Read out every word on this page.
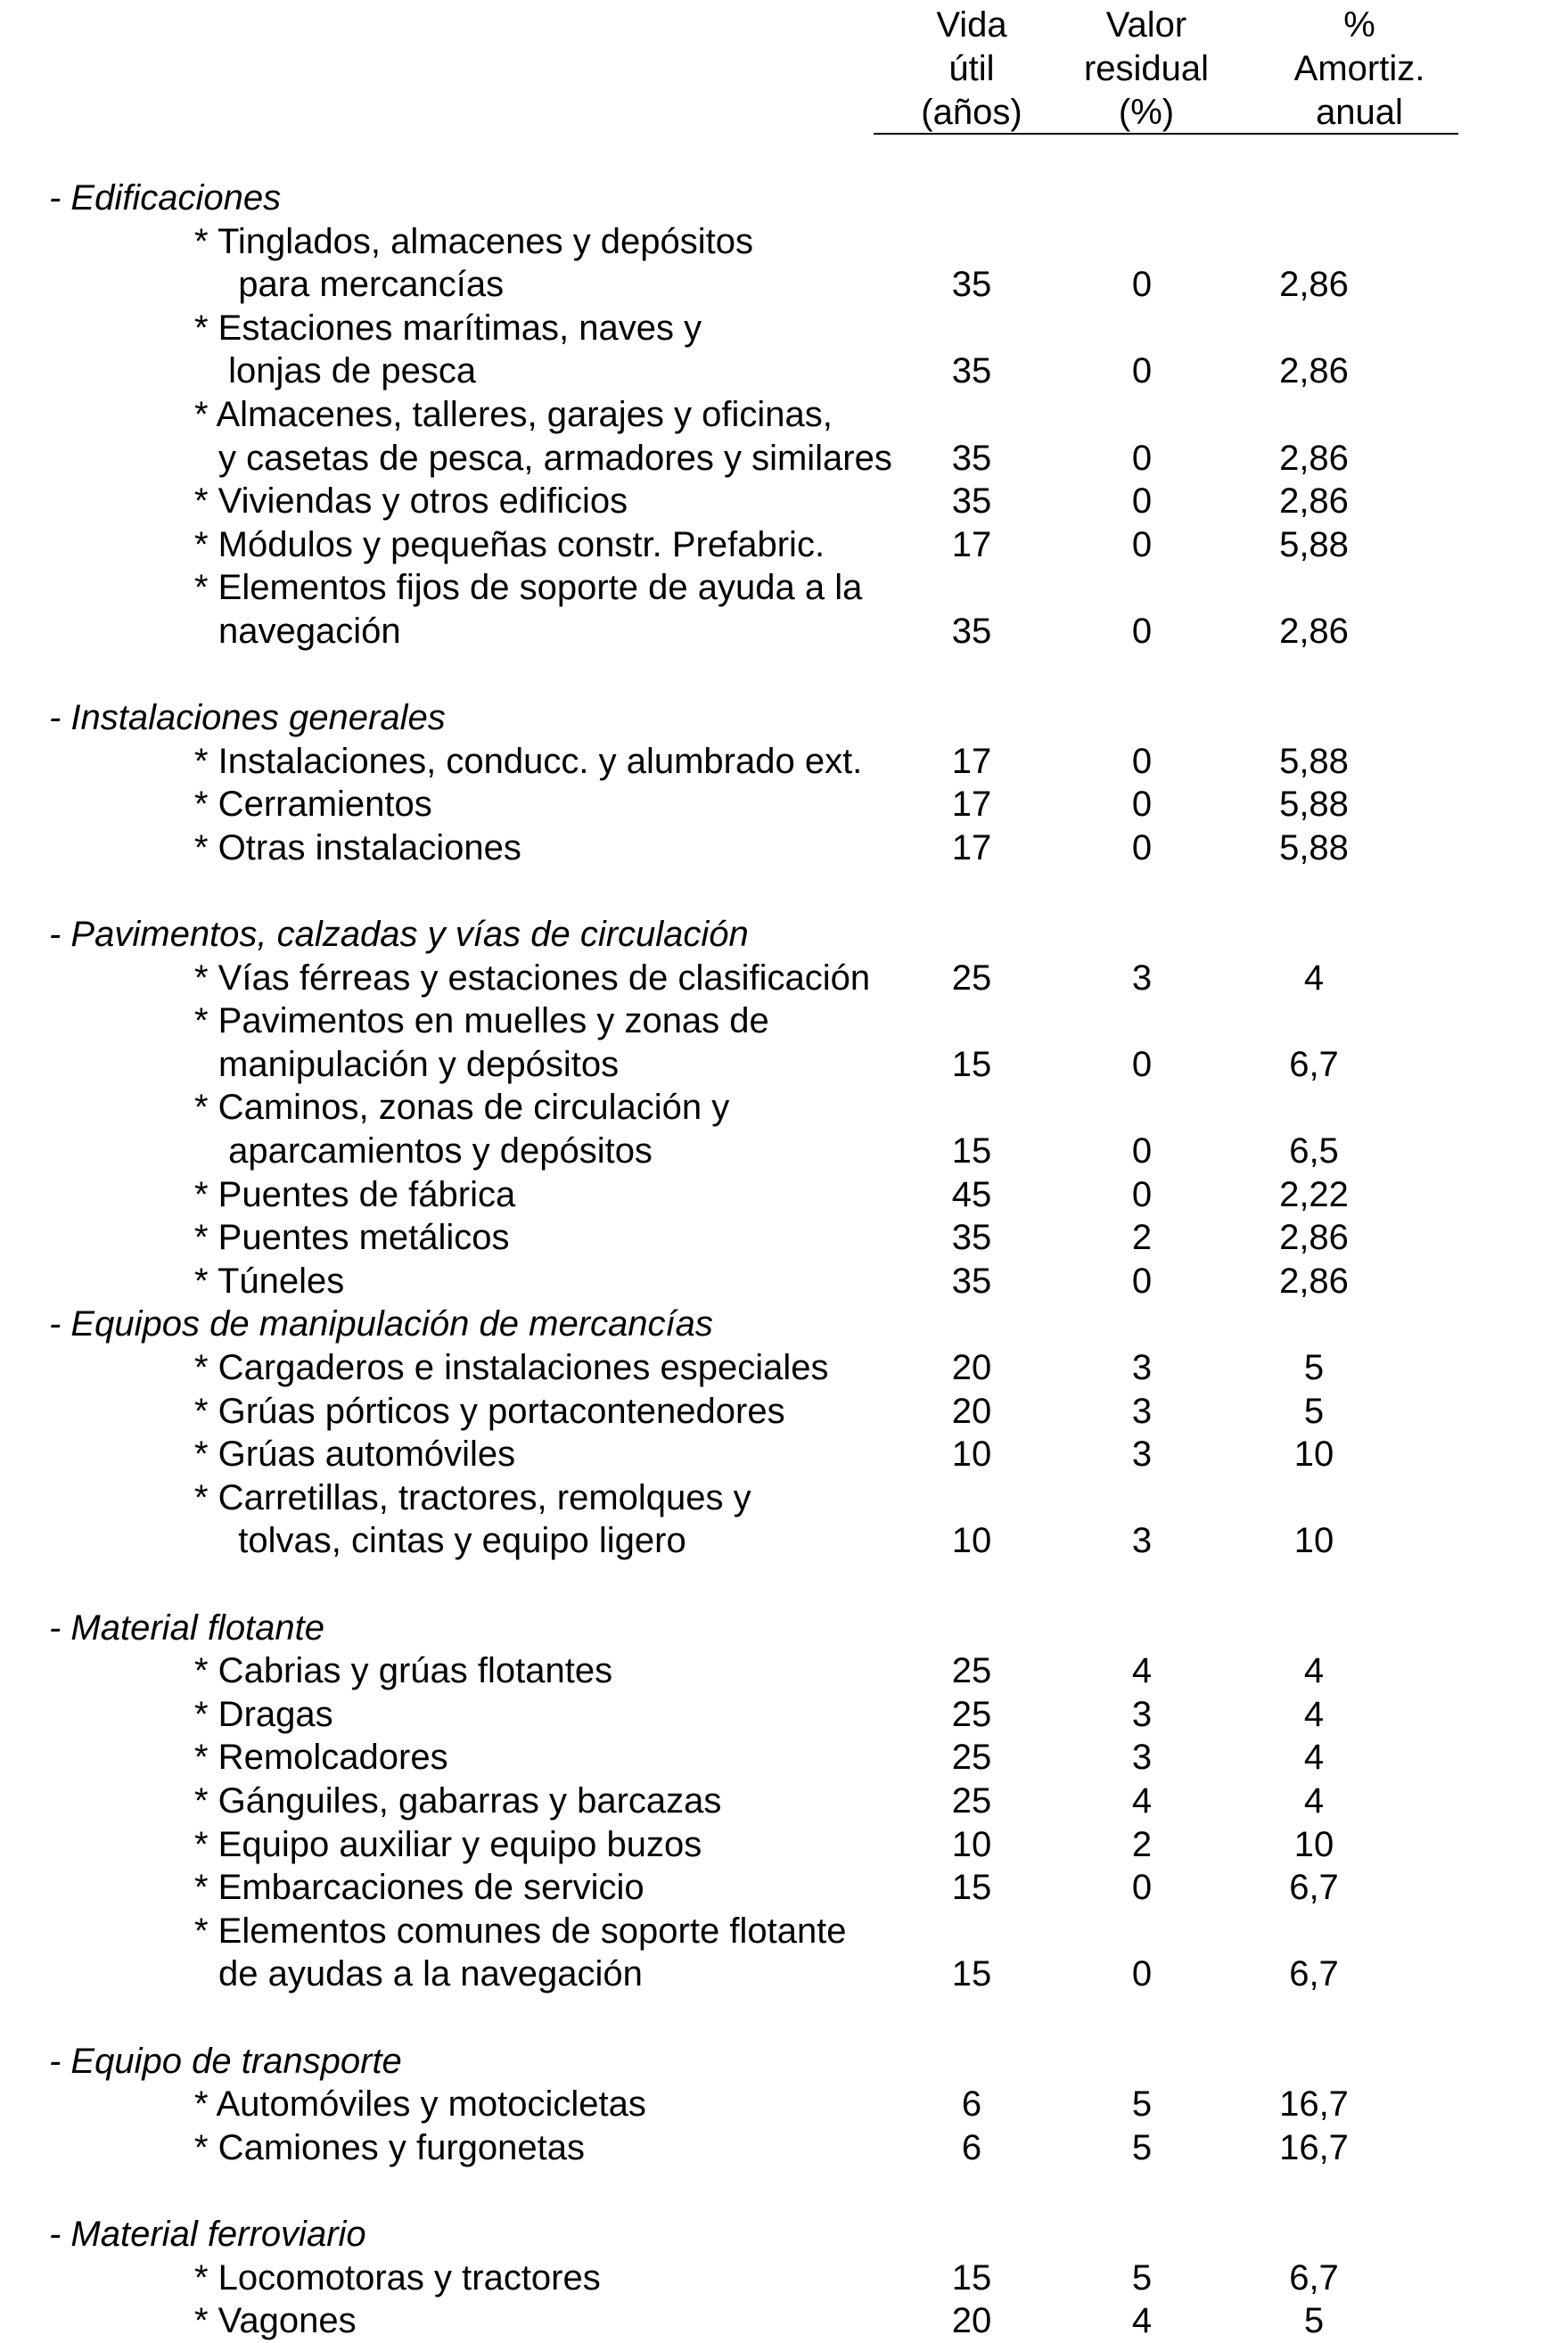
Vida
útil
(años)
Valor
residual
(%)
%
Amortiz.
anual
- Edificaciones
* Tinglados, almacenes y depósitos
para mercancías	35	0	2,86
* Estaciones marítimas, naves y
lonjas de pesca	35	0	2,86
* Almacenes, talleres, garajes y oficinas,
y casetas de pesca, armadores y similares 35	0	2,86
* Viviendas y otros edificios	35	0	2,86
* Módulos y pequeñas constr. Prefabric.	17	0	5,88
* Elementos fijos de soporte de ayuda a la
navegación	35	0	2,86
- Instalaciones generales
* Instalaciones, conducc. y alumbrado ext.	17	0	5,88
* Cerramientos	17	0	5,88
* Otras instalaciones	17	0	5,88
- Pavimentos, calzadas y vías de circulación
* Vías férreas y estaciones de clasificación 25	3	4
* Pavimentos en muelles y zonas de
manipulación y depósitos	15	0	6,7
* Caminos, zonas de circulación y
aparcamientos y depósitos	15	0	6,5
* Puentes de fábrica	45	0	2,22
* Puentes metálicos	35	2	2,86
* Túneles	35	0	2,86
- Equipos de manipulación de mercancías
* Cargaderos e instalaciones especiales	20	3	5
* Grúas pórticos y portacontenedores	20	3	5
* Grúas automóviles	10	3	10
* Carretillas, tractores, remolques y
tolvas, cintas y equipo ligero	10	3	10
- Material flotante
* Cabrias y grúas flotantes	25	4	4
* Dragas	25	3	4
* Remolcadores	25	3	4
* Gánguiles, gabarras y barcazas	25	4	4
* Equipo auxiliar y equipo buzos	10	2	10
* Embarcaciones de servicio	15	0	6,7
* Elementos comunes de soporte flotante
de ayudas a la navegación	15	0	6,7
- Equipo de transporte
* Automóviles y motocicletas	6	5	16,7
* Camiones y furgonetas	6	5	16,7
- Material ferroviario
* Locomotoras y tractores	15	5	6,7
* Vagones	20	4	5
